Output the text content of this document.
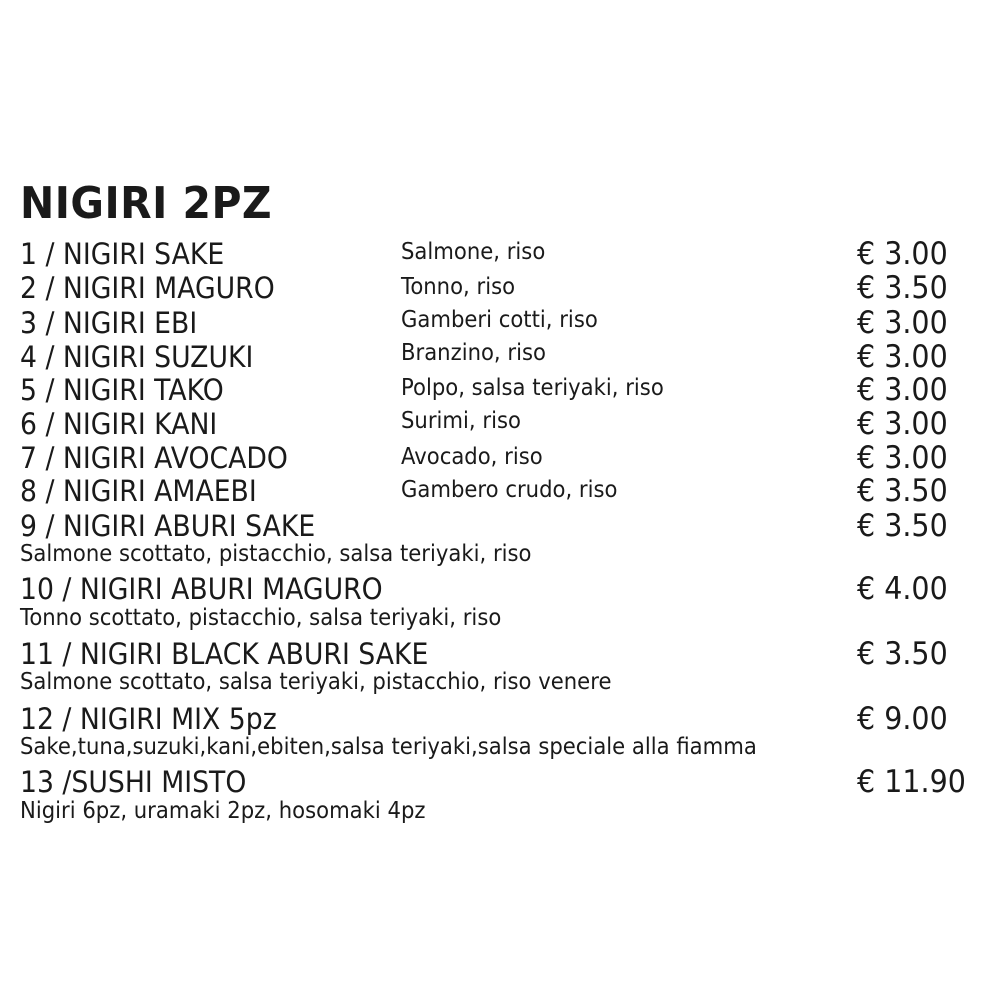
NIGIRI 2PZ
1 / NIGIRI SAKE	Salmone, riso	€ 3.00
2 / NIGIRI MAGURO	Tonno, riso	€ 3.50
3 / NIGIRI EBI	Gamberi cotti, riso	€ 3.00
4 / NIGIRI SUZUKI	Branzino, riso	€ 3.00
5 / NIGIRI TAKO	Polpo, salsa teriyaki, riso	€ 3.00
6 / NIGIRI KANI	Surimi, riso	€ 3.00
7 / NIGIRI AVOCADO	Avocado, riso	€ 3.00
8 / NIGIRI AMAEBI	Gambero crudo, riso	€ 3.50
9 / NIGIRI ABURI SAKE	€ 3.50
Salmone scottato, pistacchio, salsa teriyaki, riso
10 / NIGIRI ABURI MAGURO	€ 4.00
Tonno scottato, pistacchio, salsa teriyaki, riso
11 / NIGIRI BLACK ABURI SAKE	€ 3.50
Salmone scottato, salsa teriyaki, pistacchio, riso venere
12 / NIGIRI MIX 5pz	€ 9.00
Sake,tuna,suzuki,kani,ebiten,salsa teriyaki,salsa speciale alla fiamma
13 /SUSHI MISTO	€ 11.90
Nigiri 6pz, uramaki 2pz, hosomaki 4pz
